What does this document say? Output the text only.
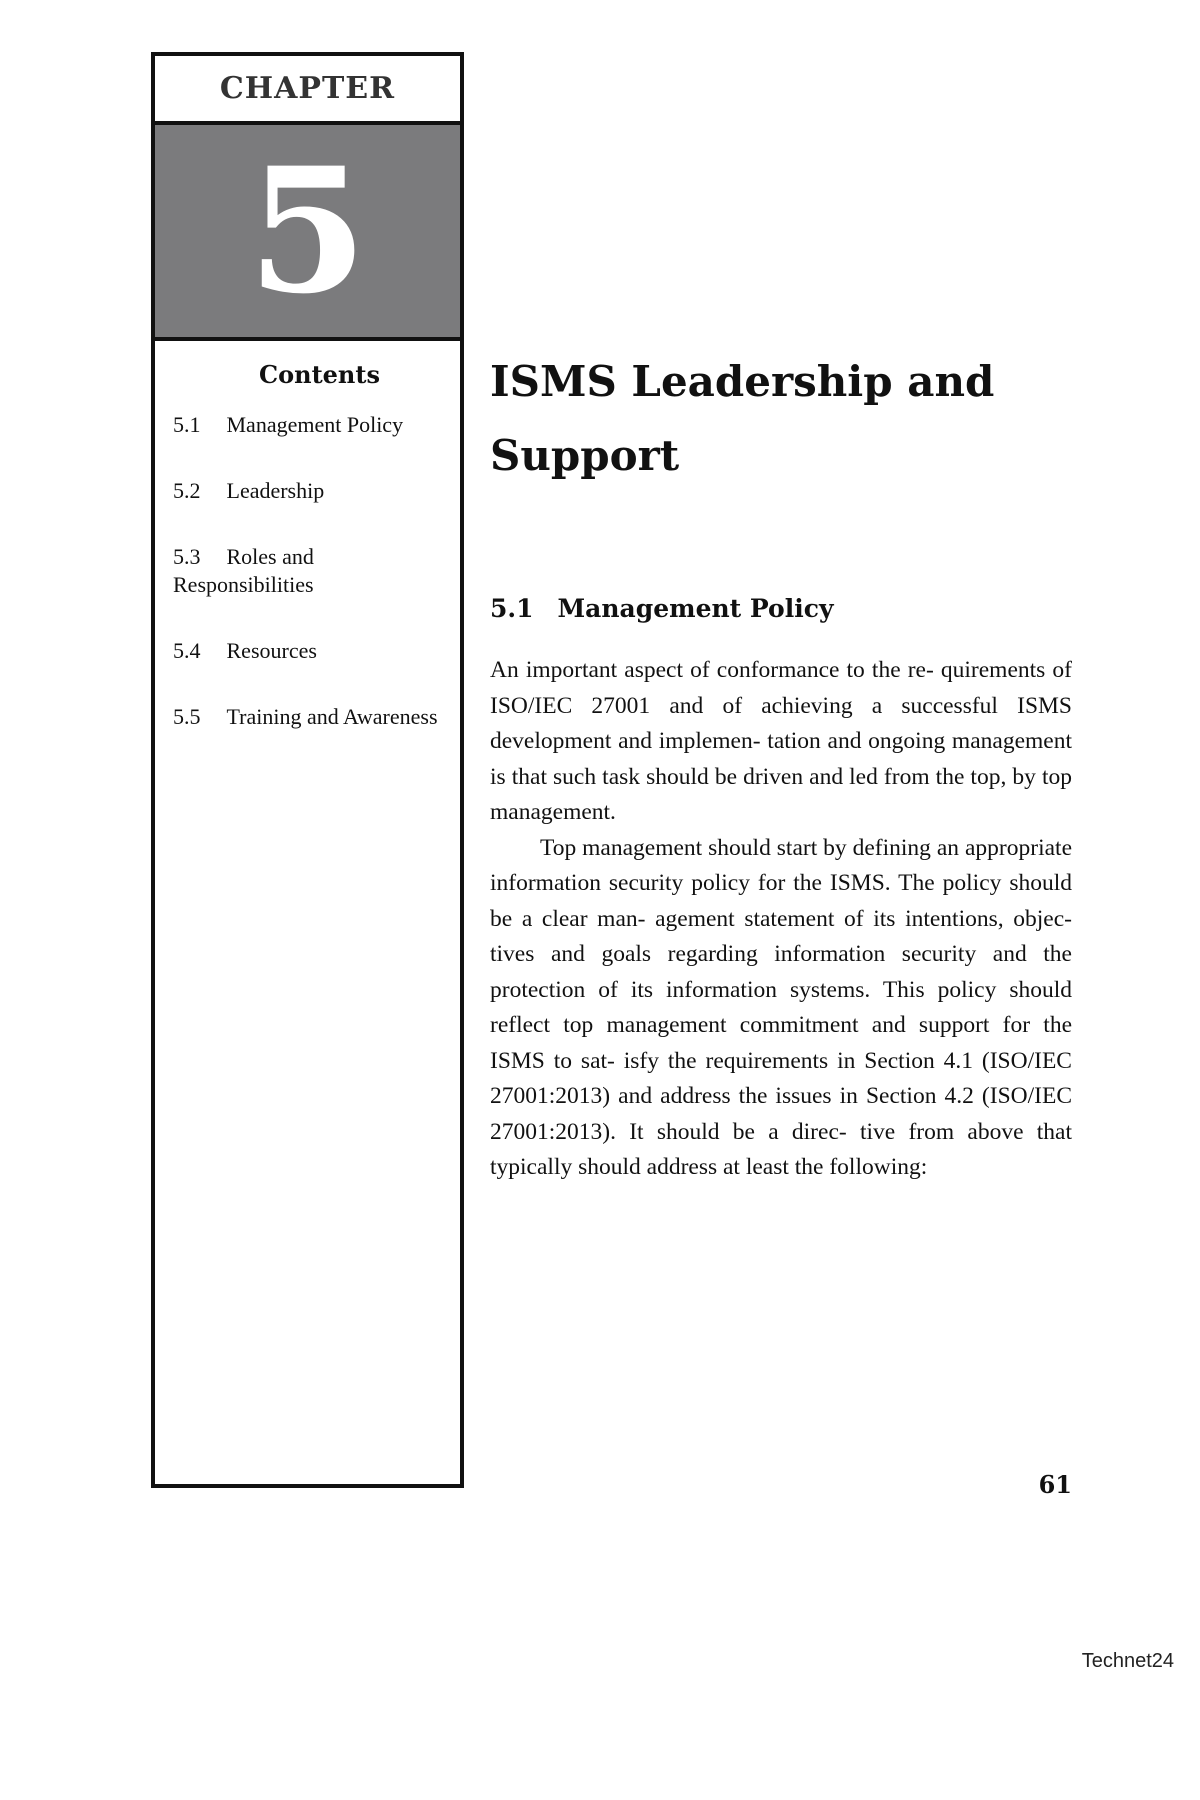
CHAPTER
5
Contents
5.1 Management Policy
5.2 Leadership
5.3 Roles and Responsibilities
5.4 Resources
5.5 Training and Awareness
ISMS Leadership and
Support
5.1 Management Policy

An important aspect of conformance to the re- quirements of ISO/IEC 27001 and of achieving a successful ISMS development and implemen- tation and ongoing management is that such task should be driven and led from the top, by top management.

Top management should start by defining an appropriate information security policy for the ISMS. The policy should be a clear man- agement statement of its intentions, objec- tives and goals regarding information security and the protection of its information systems. This policy should reflect top management commitment and support for the ISMS to sat- isfy the requirements in Section 4.1 (ISO/IEC 27001:2013) and address the issues in Section 4.2 (ISO/IEC 27001:2013). It should be a direc- tive from above that typically should address at least the following:

61
Technet24
